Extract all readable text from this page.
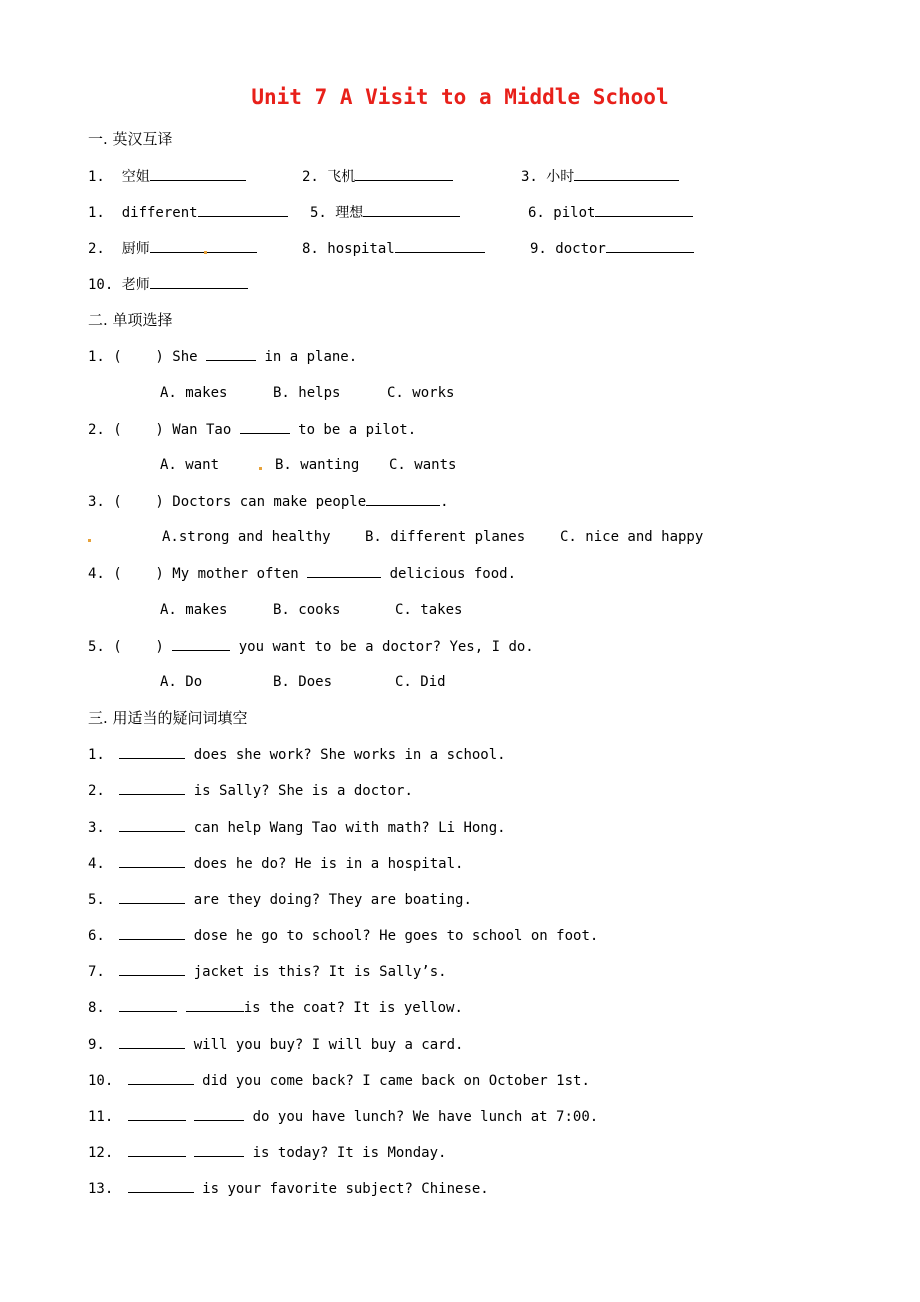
Unit 7 A Visit to a Middle School
一. 英汉互译
1.  空姐	2. 飞机	3. 小时
1.  different	5. 理想	6. pilot
2.  厨师	8. hospital	9. doctor
10. 老师
二. 单项选择
1. (    ) She	in a plane.
A. makes	B. helps	C. works
2. (    ) Wan Tao	to be a pilot.
A. want	B. wanting C. wants
3. (    ) Doctors can make people	.
A.strong and healthy B. different planes C. nice and happy
4. (    ) My mother often	delicious food.
A. makes	B. cooks	C. takes
5. (    )	you want to be a doctor? Yes, I do.
A. Do	B. Does	C. Did
三. 用适当的疑问词填空
1.	does she work? She works in a school.
2.	is Sally? She is a doctor.
3.	can help Wang Tao with math? Li Hong.
4.	does he do? He is in a hospital.
5.	are they doing? They are boating.
6.	dose he go to school? He goes to school on foot.
7.	jacket is this? It is Sally’s.
8.	is the coat? It is yellow.
9.	will you buy? I will buy a card.
10.	did you come back? I came back on October 1st.
11.	do you have lunch? We have lunch at 7:00.
12.	is today? It is Monday.
13.	is your favorite subject? Chinese.
